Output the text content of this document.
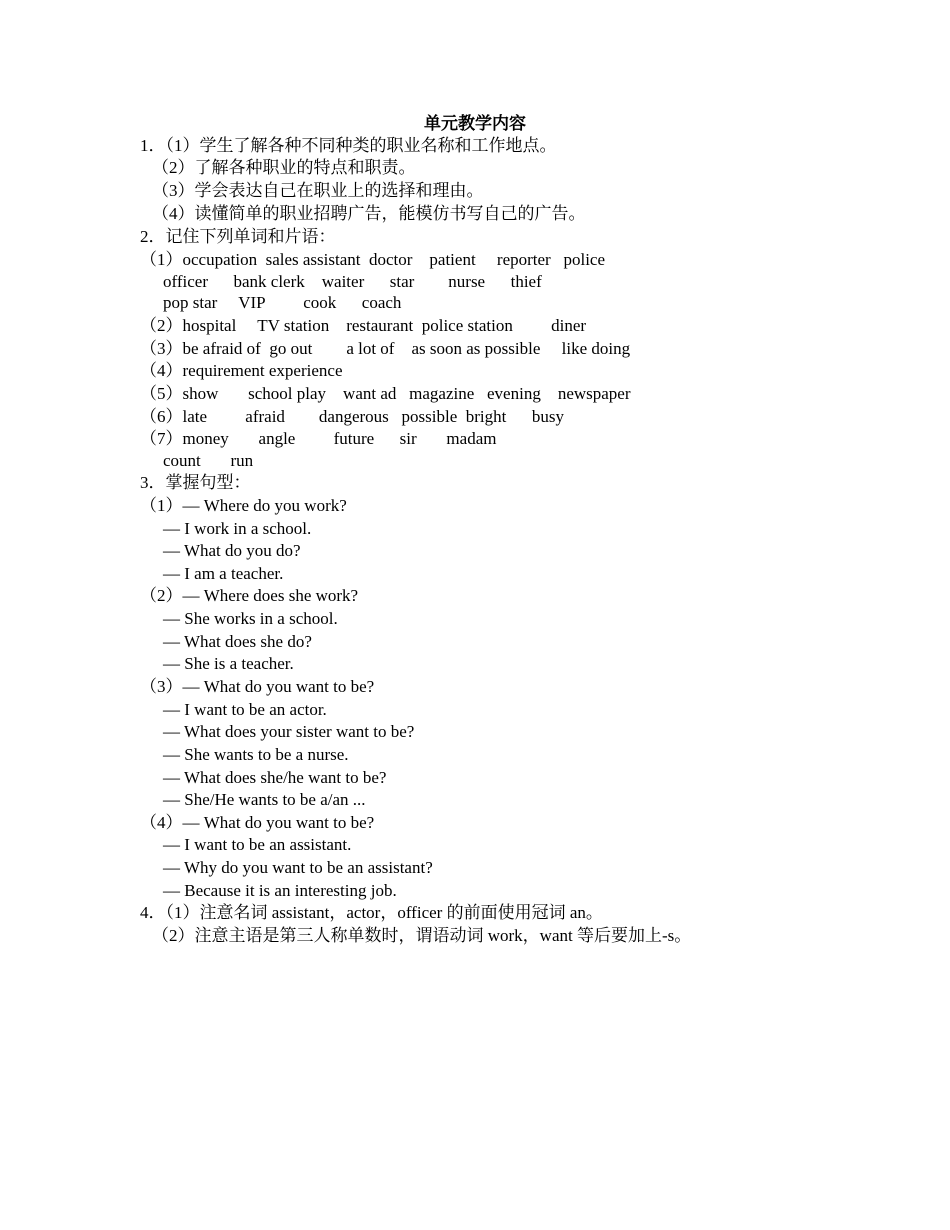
单元教学内容
1．（1）学生了解各种不同种类的职业名称和工作地点。
（2）了解各种职业的特点和职责。
（3）学会表达自己在职业上的选择和理由。
（4）读懂简单的职业招聘广告，能模仿书写自己的广告。
2．记住下列单词和片语：
（1）occupation  sales assistant  doctor    patient     reporter   police
officer      bank clerk    waiter      star        nurse      thief
pop star     VIP         cook      coach
（2）hospital     TV station    restaurant  police station         diner
（3）be afraid of  go out        a lot of    as soon as possible     like doing
（4）requirement experience
（5）show       school play    want ad   magazine   evening    newspaper
（6）late         afraid        dangerous   possible  bright      busy
（7）money       angle         future      sir       madam
count       run
3．掌握句型：
（1）— Where do you work?
— I work in a school.
— What do you do?
— I am a teacher.
（2）— Where does she work?
— She works in a school.
— What does she do?
— She is a teacher.
（3）— What do you want to be?
— I want to be an actor.
— What does your sister want to be?
— She wants to be a nurse.
— What does she/he want to be?
— She/He wants to be a/an ...
（4）— What do you want to be?
— I want to be an assistant.
— Why do you want to be an assistant?
— Because it is an interesting job.
4．（1）注意名词 assistant，actor，officer 的前面使用冠词 an。
（2）注意主语是第三人称单数时，谓语动词 work，want 等后要加上-s。
